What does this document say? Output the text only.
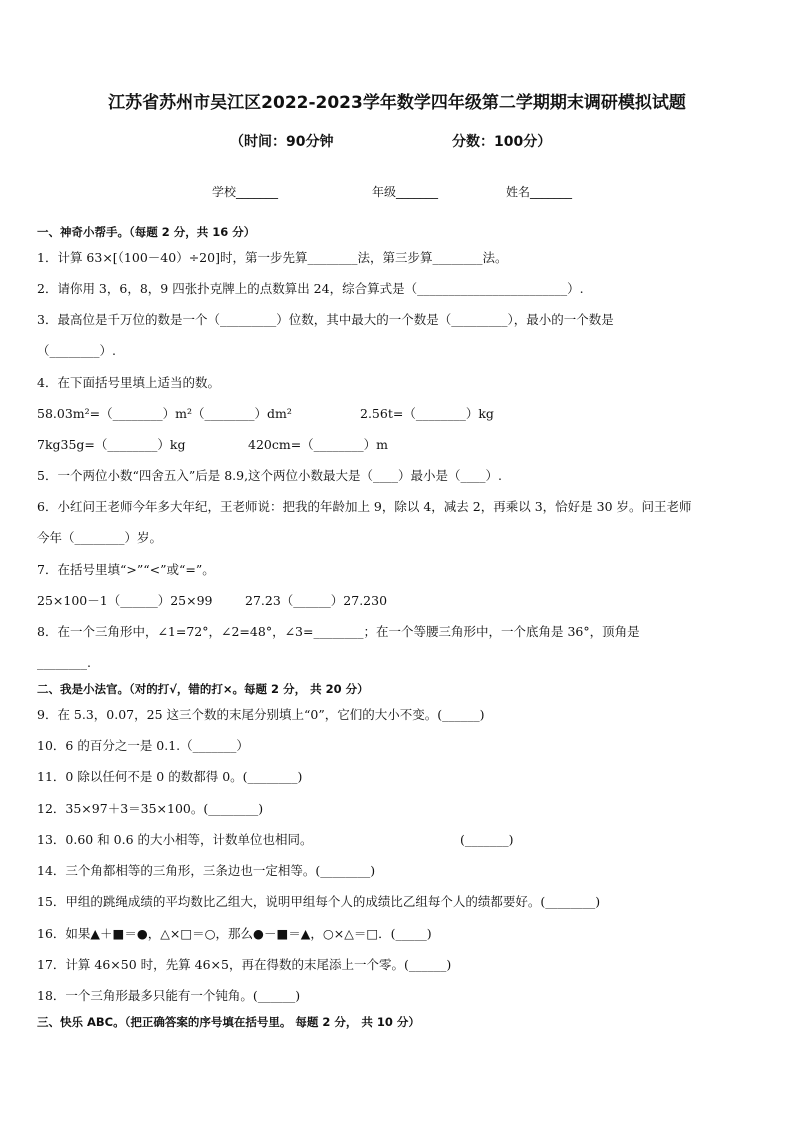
江苏省苏州市吴江区2022-2023学年数学四年级第二学期期末调研模拟试题
（时间：90分钟	分数：100分）
学校_______	年级_______	姓名_______
一、神奇小帮手。（每题 2 分，共 16 分）
1．计算 63×[（100－40）÷20]时，第一步先算________法，第三步算________法。
2．请你用 3，6，8，9 四张扑克牌上的点数算出 24，综合算式是（________________________）.
3．最高位是千万位的数是一个（_________）位数，其中最大的一个数是（_________），最小的一个数是
（________）.
4．在下面括号里填上适当的数。
58.03m²=（________）m²（________）dm²	2.56t=（________）kg
7kg35g=（________）kg	420cm=（________）m
5．一个两位小数“四舍五入”后是 8.9,这个两位小数最大是（____）最小是（____）.
6．小红问王老师今年多大年纪，王老师说：把我的年龄加上 9，除以 4，减去 2，再乘以 3，恰好是 30 岁。问王老师
今年（________）岁。
7．在括号里填“>”“<”或“=”。
25×100－1（______）25×99	27.23（______）27.230
8．在一个三角形中，∠1=72°，∠2=48°，∠3=________；在一个等腰三角形中，一个底角是 36°，顶角是
________.
二、我是小法官。（对的打√，错的打×。每题 2 分， 共 20 分）
9．在 5.3，0.07，25 这三个数的末尾分别填上“0”，它们的大小不变。(______)
10．6 的百分之一是 0.1.（_______）
11．0 除以任何不是 0 的数都得 0。(________)
12．35×97＋3＝35×100。(________)
13．0.60 和 0.6 的大小相等，计数单位也相同。	(_______)
14．三个角都相等的三角形，三条边也一定相等。(________)
15．甲组的跳绳成绩的平均数比乙组大，说明甲组每个人的成绩比乙组每个人的绩都要好。(________)
16．如果▲＋■＝●，△×□＝○，那么●－■＝▲，○×△＝□．(_____)
17．计算 46×50 时，先算 46×5，再在得数的末尾添上一个零。(______)
18．一个三角形最多只能有一个钝角。(______)
三、快乐 ABC。（把正确答案的序号填在括号里。 每题 2 分， 共 10 分）
